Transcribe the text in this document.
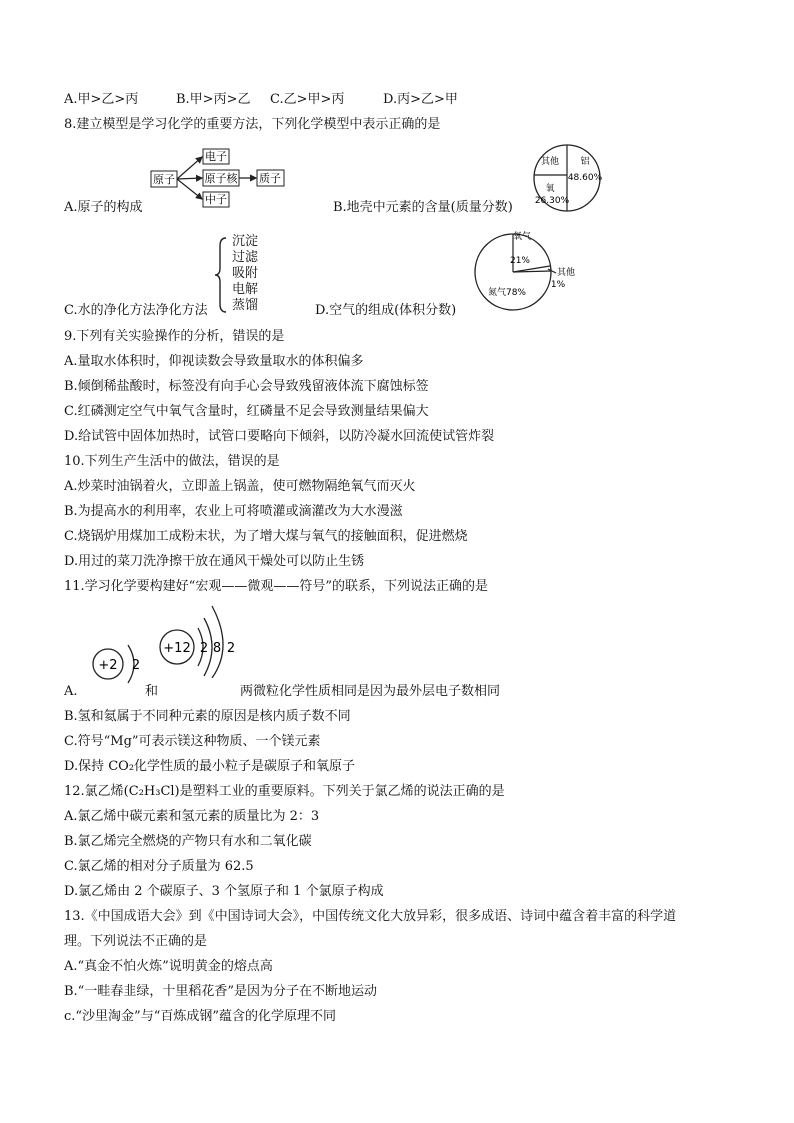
A.甲>乙>丙	B.甲>丙>乙 C.乙>甲>丙	D.丙>乙>甲
8.建立模型是学习化学的重要方法，下列化学模型中表示正确的是
原子
电子
原子核
中子
质子
A.原子的构成
其他 铝
48.60%
氧
26.30%
B.地壳中元素的含量(质量分数)
沉淀
过滤
吸附
电解
蒸馏
C.水的净化方法净化方法
氧气
21%
其他
1%
氮气78%
D.空气的组成(体积分数)
9.下列有关实验操作的分析，错误的是
A.量取水体积时，仰视读数会导致量取水的体积偏多
B.倾倒稀盐酸时，标签没有向手心会导致残留液体流下腐蚀标签
C.红磷测定空气中氧气含量时，红磷量不足会导致测量结果偏大
D.给试管中固体加热时，试管口要略向下倾斜，以防冷凝水回流使试管炸裂
10.下列生产生活中的做法，错误的是
A.炒菜时油锅着火，立即盖上锅盖，使可燃物隔绝氧气而灭火
B.为提高水的利用率，农业上可将喷灌或滴灌改为大水漫滋
C.烧锅炉用煤加工成粉末状，为了增大煤与氧气的接触面积，促进燃烧
D.用过的菜刀洗净擦干放在通风干燥处可以防止生锈
11.学习化学要构建好“宏观——微观——符号”的联系，下列说法正确的是
+2 2
+12 2 8 2
A.	和	两微粒化学性质相同是因为最外层电子数相同
B.氢和氦属于不同种元素的原因是核内质子数不同
C.符号“Mg”可表示镁这种物质、一个镁元素
D.保持 CO₂化学性质的最小粒子是碳原子和氧原子
12.氯乙烯(C₂H₃Cl)是塑料工业的重要原料。下列关于氯乙烯的说法正确的是
A.氯乙烯中碳元素和氢元素的质量比为 2：3
B.氯乙烯完全燃烧的产物只有水和二氧化碳
C.氯乙烯的相对分子质量为 62.5
D.氯乙烯由 2 个碳原子、3 个氢原子和 1 个氯原子构成
13.《中国成语大会》到《中国诗词大会》，中国传统文化大放异彩，很多成语、诗词中蕴含着丰富的科学道
理。下列说法不正确的是
A.“真金不怕火炼”说明黄金的熔点高
B.“一畦春韭绿，十里稻花香”是因为分子在不断地运动
c.“沙里淘金”与“百炼成钢”蕴含的化学原理不同
